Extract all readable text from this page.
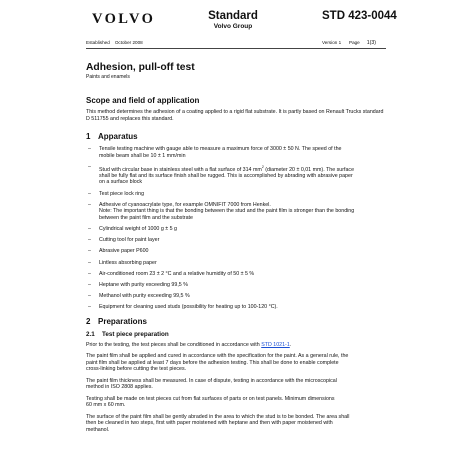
VOLVO	Standard
Volvo Group
STD 423-0044
Established October 2008	Version 1 Page 1(3)
Adhesion, pull-off test
Paints and enamels
Scope and field of application

This method determines the adhesion of a coating applied to a rigid flat substrate. It is partly based on Renault Trucks standard D 511755 and replaces this standard.

1 Apparatus
– Tensile testing machine with gauge able to measure a maximum force of 3000 ± 50 N. The speed of the
mobile beam shall be 10 ± 1 mm/min
– Stud with circular base in stainless steel with a flat surface of 314 $mm^2$ (diameter 20 ± 0,01 mm). The surface
shall be fully flat and its surface finish shall be rugged. This is accomplished by abrading with abrasive paper
on a surface block
– Test piece lock ring
– Adhesive of cyanoacrylate type, for example OMNIFIT 7000 from Henkel.
Note: The important thing is that the bonding between the stud and the paint film is stronger than the bonding
between the paint film and the substrate
– Cylindrical weight of 1000 g ± 5 g
– Cutting tool for paint layer
– Abrasive paper P600
– Lintless absorbing paper
– Air-conditioned room 23 ± 2 °C and a relative humidity of 50 ± 5 %
– Heptane with purity exceeding 99,5 %
– Methanol with purity exceeding 99,5 %
– Equipment for cleaning used studs (possibility for heating up to 100-120 °C).
2 Preparations
2.1 Test piece preparation

Prior to the testing, the test pieces shall be conditioned in accordance with STD 1021-1.

The paint film shall be applied and cured in accordance with the specification for the paint. As a general rule, the
paint film shall be applied at least 7 days before the adhesion testing. This shall be done to enable complete
cross-linking before cutting the test pieces.

The paint film thickness shall be measured. In case of dispute, testing in accordance with the microscopical
method in ISO 2808 applies.

Testing shall be made on test pieces cut from flat surfaces of parts or on test panels. Minimum dimensions
60 mm x 60 mm.

The surface of the paint film shall be gently abraded in the area to which the stud is to be bonded. The area shall
then be cleaned in two steps, first with paper moistened with heptane and then with paper moistened with
methanol.
